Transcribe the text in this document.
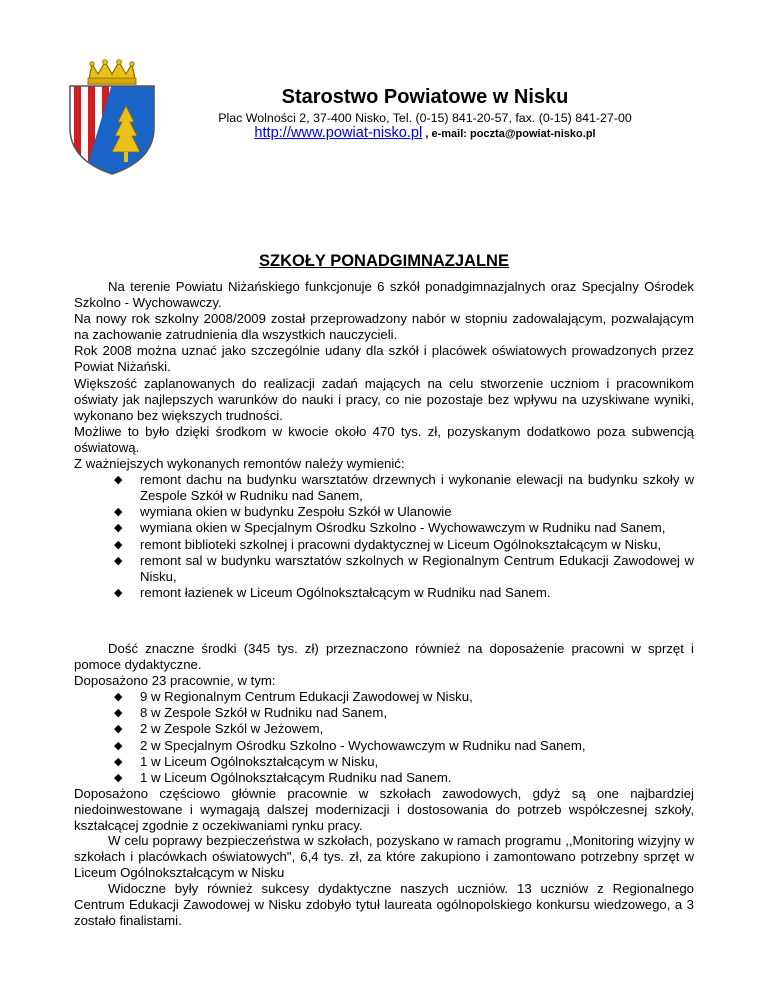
Starostwo Powiatowe w Nisku
Plac Wolności 2, 37-400 Nisko, Tel. (0-15) 841-20-57, fax. (0-15) 841-27-00
http://www.powiat-nisko.pl , e-mail: poczta@powiat-nisko.pl
SZKOŁY PONADGIMNAZJALNE

Na terenie Powiatu Niżańskiego funkcjonuje 6 szkół ponadgimnazjalnych oraz Specjalny Ośrodek Szkolno - Wychowawczy.

Na nowy rok szkolny 2008/2009 został przeprowadzony nabór w stopniu zadowalającym, pozwalającym na zachowanie zatrudnienia dla wszystkich nauczycieli.

Rok 2008 można uznać jako szczególnie udany dla szkół i placówek oświatowych prowadzonych przez Powiat Niżański.

Większość zaplanowanych do realizacji zadań mających na celu stworzenie uczniom i pracownikom oświaty jak najlepszych warunków do nauki i pracy, co nie pozostaje bez wpływu na uzyskiwane wyniki, wykonano bez większych trudności.

Możliwe to było dzięki środkom w kwocie około 470 tys. zł, pozyskanym dodatkowo poza subwencją oświatową.

Z ważniejszych wykonanych remontów należy wymienić:

◆ remont dachu na budynku warsztatów drzewnych i wykonanie elewacji na budynku szkoły w Zespole Szkół w Rudniku nad Sanem,
◆ wymiana okien w budynku Zespołu Szkół w Ulanowie
◆ wymiana okien w Specjalnym Ośrodku Szkolno - Wychowawczym w Rudniku nad Sanem,
◆ remont biblioteki szkolnej i pracowni dydaktycznej w Liceum Ogólnokształcącym w Nisku,
◆ remont sal w budynku warsztatów szkolnych w Regionalnym Centrum Edukacji Zawodowej w Nisku,
◆ remont łazienek w Liceum Ogólnokształcącym w Rudniku nad Sanem.

Dość znaczne środki (345 tys. zł) przeznaczono również na doposażenie pracowni w sprzęt i pomoce dydaktyczne.

Doposażono 23 pracownie, w tym:

◆ 9 w Regionalnym Centrum Edukacji Zawodowej w Nisku,
◆ 8 w Zespole Szkół w Rudniku nad Sanem,
◆ 2 w Zespole Szkól w Jeżowem,
◆ 2 w Specjalnym Ośrodku Szkolno - Wychowawczym w Rudniku nad Sanem,
◆ 1 w Liceum Ogólnokształcącym w Nisku,
◆ 1 w Liceum Ogólnokształcącym Rudniku nad Sanem.

Doposażono częściowo głównie pracownie w szkołach zawodowych, gdyż są one najbardziej niedoinwestowane i wymagają dalszej modernizacji i dostosowania do potrzeb współczesnej szkoły, kształcącej zgodnie z oczekiwaniami rynku pracy.

W celu poprawy bezpieczeństwa w szkołach, pozyskano w ramach programu ,,Monitoring wizyjny w szkołach i placówkach oświatowych", 6,4 tys. zł, za które zakupiono i zamontowano potrzebny sprzęt w Liceum Ogólnokształcącym w Nisku

Widoczne były również sukcesy dydaktyczne naszych uczniów. 13 uczniów z Regionalnego Centrum Edukacji Zawodowej w Nisku zdobyło tytuł laureata ogólnopolskiego konkursu wiedzowego, a 3 zostało finalistami.
